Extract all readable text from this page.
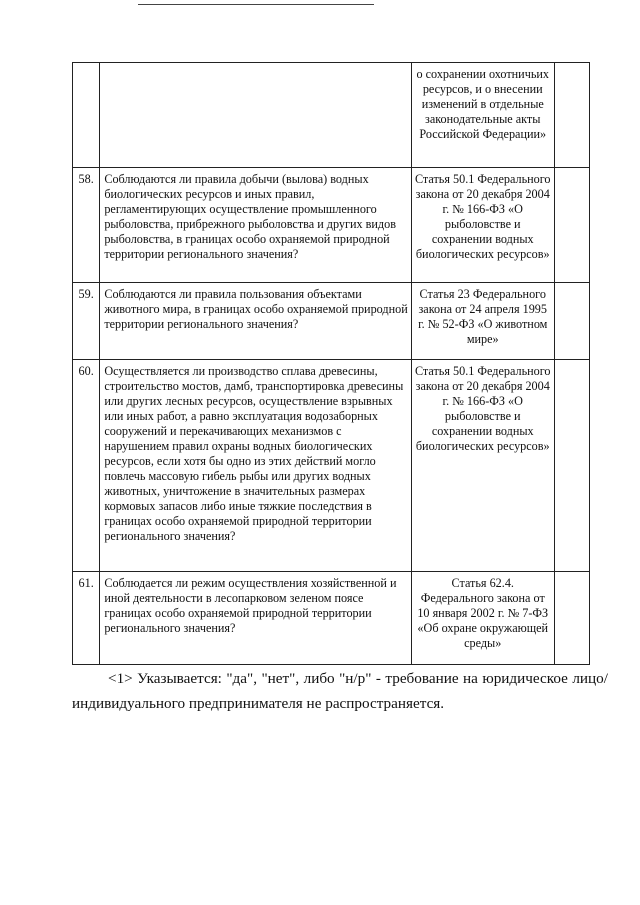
		о сохранении охотничьих ресурсов, и о внесении изменений в отдельные законодательные акты Российской Федерации»	
58.	Соблюдаются ли правила добычи (вылова) водных биологических ресурсов и иных правил, регламентирующих осуществление промышленного рыболовства, прибрежного рыболовства и других видов рыболовства, в границах особо охраняемой природной территории регионального значения?	Статья 50.1 Федерального закона от 20 декабря 2004 г. № 166-ФЗ «О рыболовстве и сохранении водных биологических ресурсов»	
59.	Соблюдаются ли правила пользования объектами животного мира, в границах особо охраняемой природной территории регионального значения?	Статья 23 Федерального закона от 24 апреля 1995 г. № 52-ФЗ «О животном мире»	
60.	Осуществляется ли производство сплава древесины, строительство мостов, дамб, транспортировка древесины или других лесных ресурсов, осуществление взрывных или иных работ, а равно эксплуатация водозаборных сооружений и перекачивающих механизмов с нарушением правил охраны водных биологических ресурсов, если хотя бы одно из этих действий могло повлечь массовую гибель рыбы или других водных животных, уничтожение в значительных размерах кормовых запасов либо иные тяжкие последствия в границах особо охраняемой природной территории регионального значения?	Статья 50.1 Федерального закона от 20 декабря 2004 г. № 166-ФЗ «О рыболовстве и сохранении водных биологических ресурсов»	
61.	Соблюдается ли режим осуществления хозяйственной и иной деятельности в лесопарковом зеленом поясе границах особо охраняемой природной территории регионального значения?	Статья 62.4. Федерального закона от 10 января 2002 г. № 7-ФЗ «Об охране окружающей среды»	

<1> Указывается: "да", "нет", либо "н/р" - требование на юридическое лицо/индивидуального предпринимателя не распространяется.
